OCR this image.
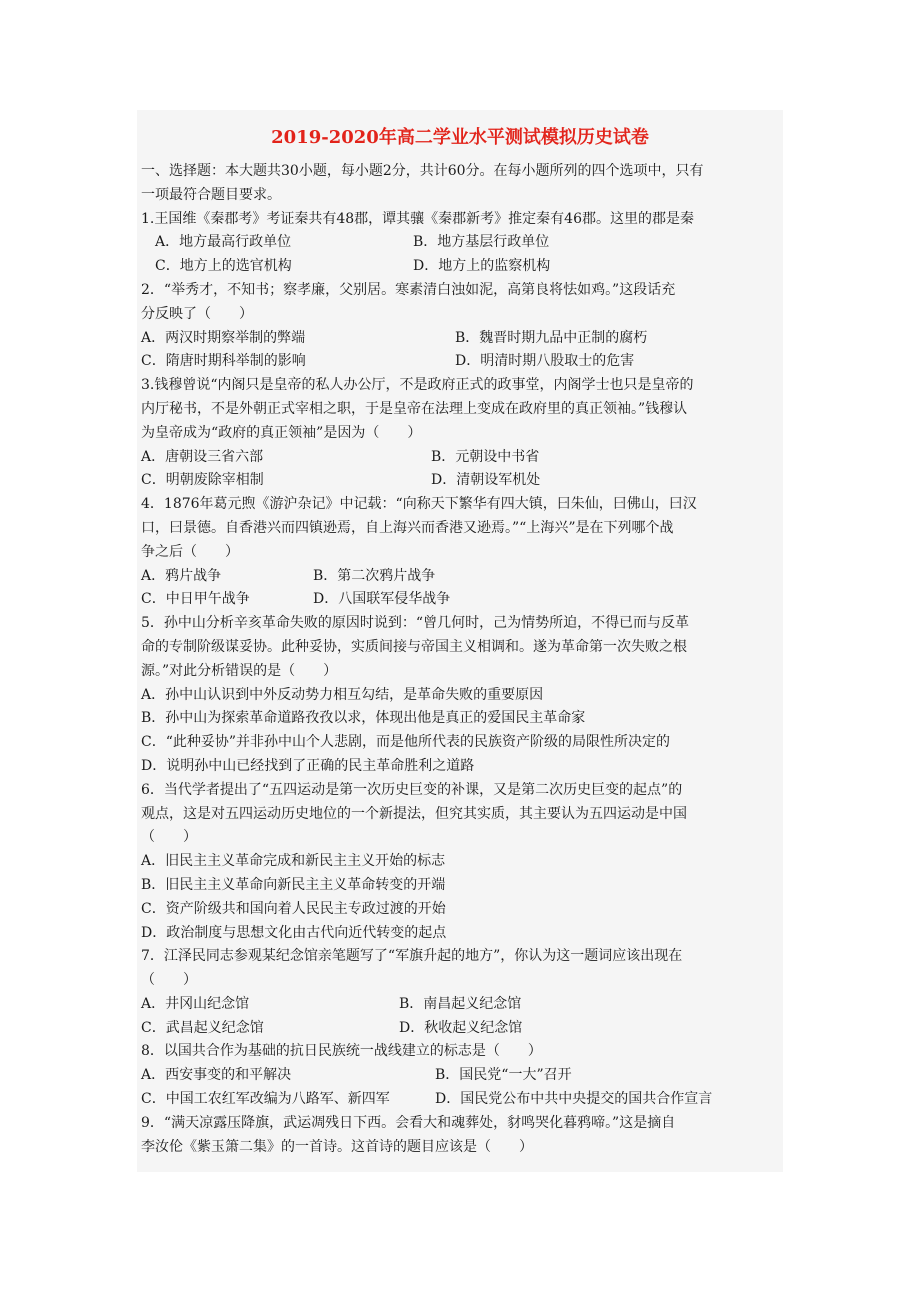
2019-2020年高二学业水平测试模拟历史试卷
一、选择题：本大题共30小题，每小题2分，共计60分。在每小题所列的四个选项中，只有
一项最符合题目要求。
1.王国维《秦郡考》考证秦共有48郡，谭其骧《秦郡新考》推定秦有46郡。这里的郡是秦
A．地方最高行政单位	B．地方基层行政单位
C．地方上的选官机构	D．地方上的监察机构
2．“举秀才，不知书；察孝廉，父别居。寒素清白浊如泥，高第良将怯如鸡。”这段话充
分反映了（　　）
A．两汉时期察举制的弊端	B．魏晋时期九品中正制的腐朽
C．隋唐时期科举制的影响	D．明清时期八股取士的危害
3.钱穆曾说“内阁只是皇帝的私人办公厅，不是政府正式的政事堂，内阁学士也只是皇帝的
内厅秘书，不是外朝正式宰相之职，于是皇帝在法理上变成在政府里的真正领袖。”钱穆认
为皇帝成为“政府的真正领袖”是因为（　　）
A．唐朝设三省六部	B．元朝设中书省
C．明朝废除宰相制	D．清朝设军机处
4．1876年葛元煦《游沪杂记》中记载：“向称天下繁华有四大镇，曰朱仙，曰佛山，曰汉
口，曰景德。自香港兴而四镇逊焉，自上海兴而香港又逊焉。”“上海兴”是在下列哪个战
争之后（　　）
A．鸦片战争	B．第二次鸦片战争
C．中日甲午战争	D．八国联军侵华战争
5．孙中山分析辛亥革命失败的原因时说到：“曾几何时，己为情势所迫，不得已而与反革
命的专制阶级谋妥协。此种妥协，实质间接与帝国主义相调和。遂为革命第一次失败之根
源。”对此分析错误的是（　　）
A．孙中山认识到中外反动势力相互勾结，是革命失败的重要原因
B．孙中山为探索革命道路孜孜以求，体现出他是真正的爱国民主革命家
C．“此种妥协”并非孙中山个人悲剧，而是他所代表的民族资产阶级的局限性所决定的
D．说明孙中山已经找到了正确的民主革命胜利之道路
6．当代学者提出了“五四运动是第一次历史巨变的补课，又是第二次历史巨变的起点”的
观点，这是对五四运动历史地位的一个新提法，但究其实质，其主要认为五四运动是中国
（　　）
A．旧民主主义革命完成和新民主主义开始的标志
B．旧民主主义革命向新民主主义革命转变的开端
C．资产阶级共和国向着人民民主专政过渡的开始
D．政治制度与思想文化由古代向近代转变的起点
7．江泽民同志参观某纪念馆亲笔题写了“军旗升起的地方”，你认为这一题词应该出现在
（　　）
A．井冈山纪念馆	B．南昌起义纪念馆
C．武昌起义纪念馆	D．秋收起义纪念馆
8．以国共合作为基础的抗日民族统一战线建立的标志是（　　）
A．西安事变的和平解决	B．国民党“一大”召开
C．中国工农红军改编为八路军、新四军	D．国民党公布中共中央提交的国共合作宣言
9．“满天凉露压降旗，武运凋残日下西。会看大和魂葬处，豺鸣哭化暮鸦啼。”这是摘自
李汝伦《紫玉箫二集》的一首诗。这首诗的题目应该是（　　）
